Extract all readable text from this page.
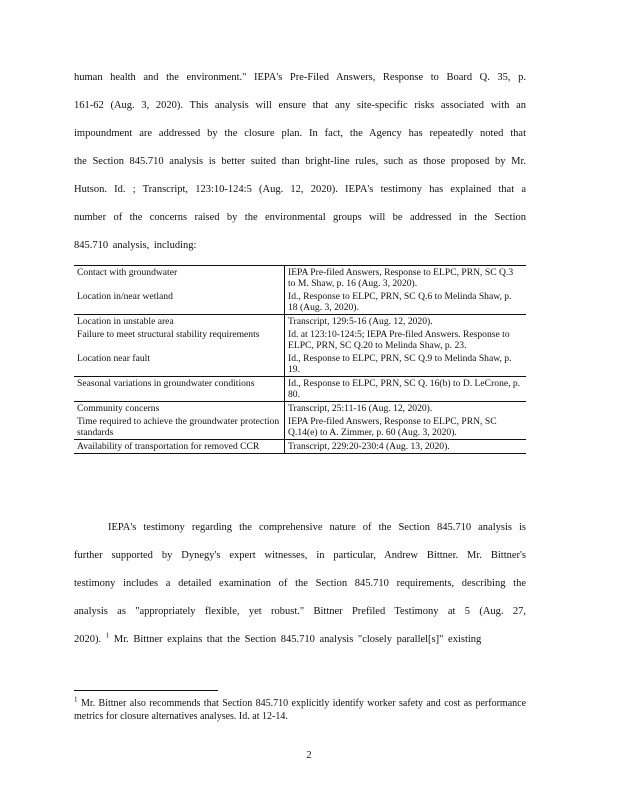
human health and the environment." IEPA's Pre-Filed Answers, Response to Board Q. 35, p.
161-62 (Aug. 3, 2020). This analysis will ensure that any site-specific risks associated with an
impoundment are addressed by the closure plan. In fact, the Agency has repeatedly noted that
the Section 845.710 analysis is better suited than bright-line rules, such as those proposed by Mr.
Hutson. Id. ; Transcript, 123:10-124:5 (Aug. 12, 2020). IEPA's testimony has explained that a
number of the concerns raised by the environmental groups will be addressed in the Section
845.710 analysis, including:
Contact with groundwater	IEPA Pre-filed Answers, Response to ELPC, PRN, SC Q.3 to M. Shaw, p. 16 (Aug. 3, 2020).
Location in/near wetland	Id., Response to ELPC, PRN, SC Q.6 to Melinda Shaw, p. 18 (Aug. 3, 2020).
Location in unstable area	Transcript, 129:5-16 (Aug. 12, 2020).
Failure to meet structural stability requirements	Id. at 123:10-124:5; IEPA Pre-filed Answers. Response to ELPC, PRN, SC Q.20 to Melinda Shaw, p. 23.
Location near fault	Id., Response to ELPC, PRN, SC Q.9 to Melinda Shaw, p. 19.
Seasonal variations in groundwater conditions	Id., Response to ELPC, PRN, SC Q. 16(b) to D. LeCrone, p. 80.
Community concerns	Transcript, 25:11-16 (Aug. 12, 2020).
Time required to achieve the groundwater protection standards	IEPA Pre-filed Answers, Response to ELPC, PRN, SC Q.14(e) to A. Zimmer, p. 60 (Aug. 3, 2020).
Availability of transportation for removed CCR	Transcript, 229:20-230:4 (Aug. 13, 2020).
IEPA's testimony regarding the comprehensive nature of the Section 845.710 analysis is
further supported by Dynegy's expert witnesses, in particular, Andrew Bittner. Mr. Bittner's
testimony includes a detailed examination of the Section 845.710 requirements, describing the
analysis as "appropriately flexible, yet robust." Bittner Prefiled Testimony at 5 (Aug. 27,
2020). $^1$ Mr. Bittner explains that the Section 845.710 analysis "closely parallel[s]" existing
$^1$ Mr. Bittner also recommends that Section 845.710 explicitly identify worker safety and cost as performance metrics for closure alternatives analyses. Id. at 12-14.
2
